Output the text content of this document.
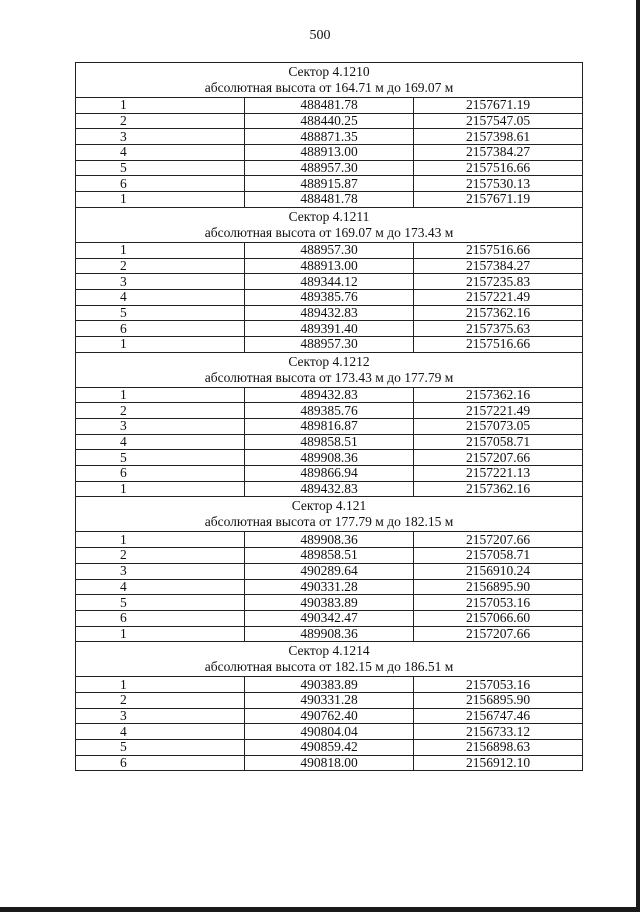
500
Сектор 4.1210
абсолютная высота от 164.71 м до 169.07 м		

1	488481.78	2157671.19
2	488440.25	2157547.05
3	488871.35	2157398.61
4	488913.00	2157384.27
5	488957.30	2157516.66
6	488915.87	2157530.13
1	488481.78	2157671.19

Сектор 4.1211
абсолютная высота от 169.07 м до 173.43 м		

1	488957.30	2157516.66
2	488913.00	2157384.27
3	489344.12	2157235.83
4	489385.76	2157221.49
5	489432.83	2157362.16
6	489391.40	2157375.63
1	488957.30	2157516.66

Сектор 4.1212
абсолютная высота от 173.43 м до 177.79 м		

1	489432.83	2157362.16
2	489385.76	2157221.49
3	489816.87	2157073.05
4	489858.51	2157058.71
5	489908.36	2157207.66
6	489866.94	2157221.13
1	489432.83	2157362.16

Сектор 4.121
абсолютная высота от 177.79 м до 182.15 м		

1	489908.36	2157207.66
2	489858.51	2157058.71
3	490289.64	2156910.24
4	490331.28	2156895.90
5	490383.89	2157053.16
6	490342.47	2157066.60
1	489908.36	2157207.66

Сектор 4.1214
абсолютная высота от 182.15 м до 186.51 м		

1	490383.89	2157053.16
2	490331.28	2156895.90
3	490762.40	2156747.46
4	490804.04	2156733.12
5	490859.42	2156898.63
6	490818.00	2156912.10
